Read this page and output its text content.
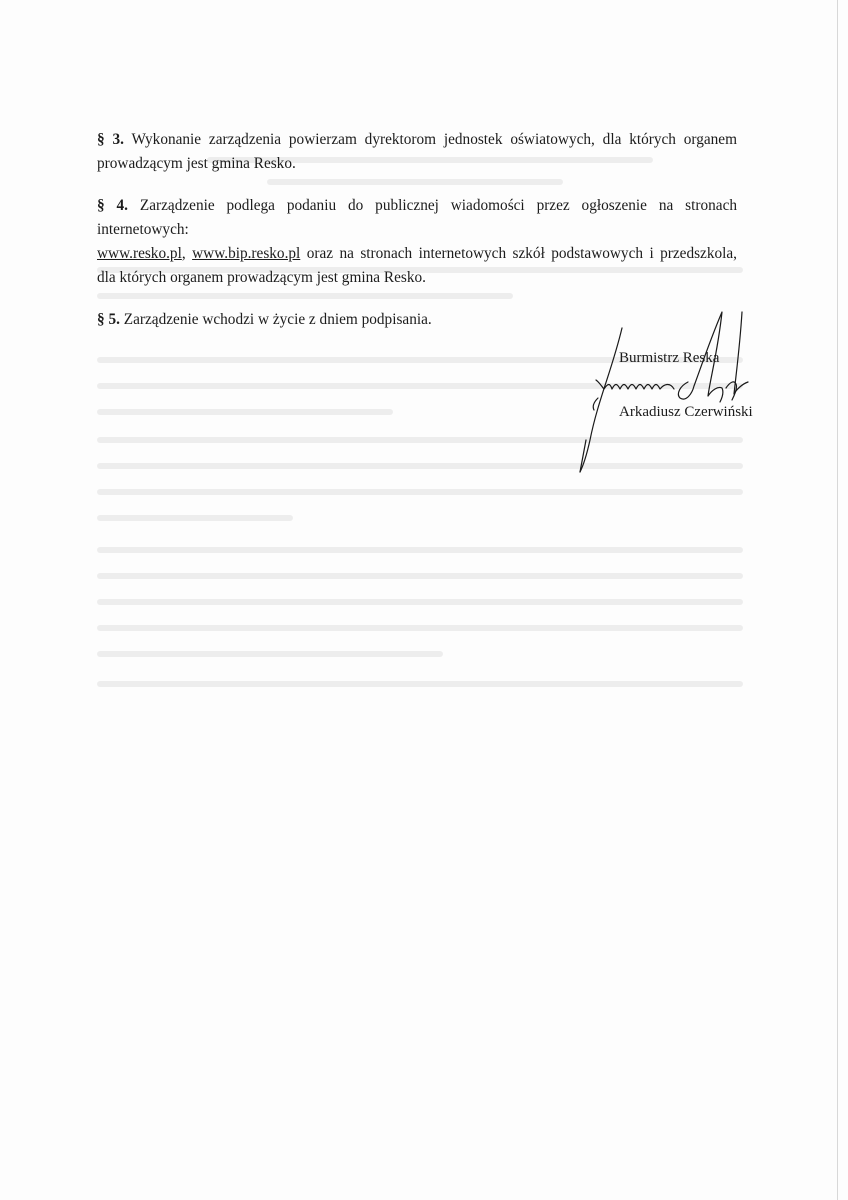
§ 3. Wykonanie zarządzenia powierzam dyrektorom jednostek oświatowych, dla których organem
prowadzącym jest gmina Resko.

§ 4. Zarządzenie podlega podaniu do publicznej wiadomości przez ogłoszenie na stronach internetowych:
www.resko.pl, www.bip.resko.pl oraz na stronach internetowych szkół podstawowych i przedszkola,
dla których organem prowadzącym jest gmina Resko.

§ 5. Zarządzenie wchodzi w życie z dniem podpisania.

Burmistrz Reska
Arkadiusz Czerwiński
